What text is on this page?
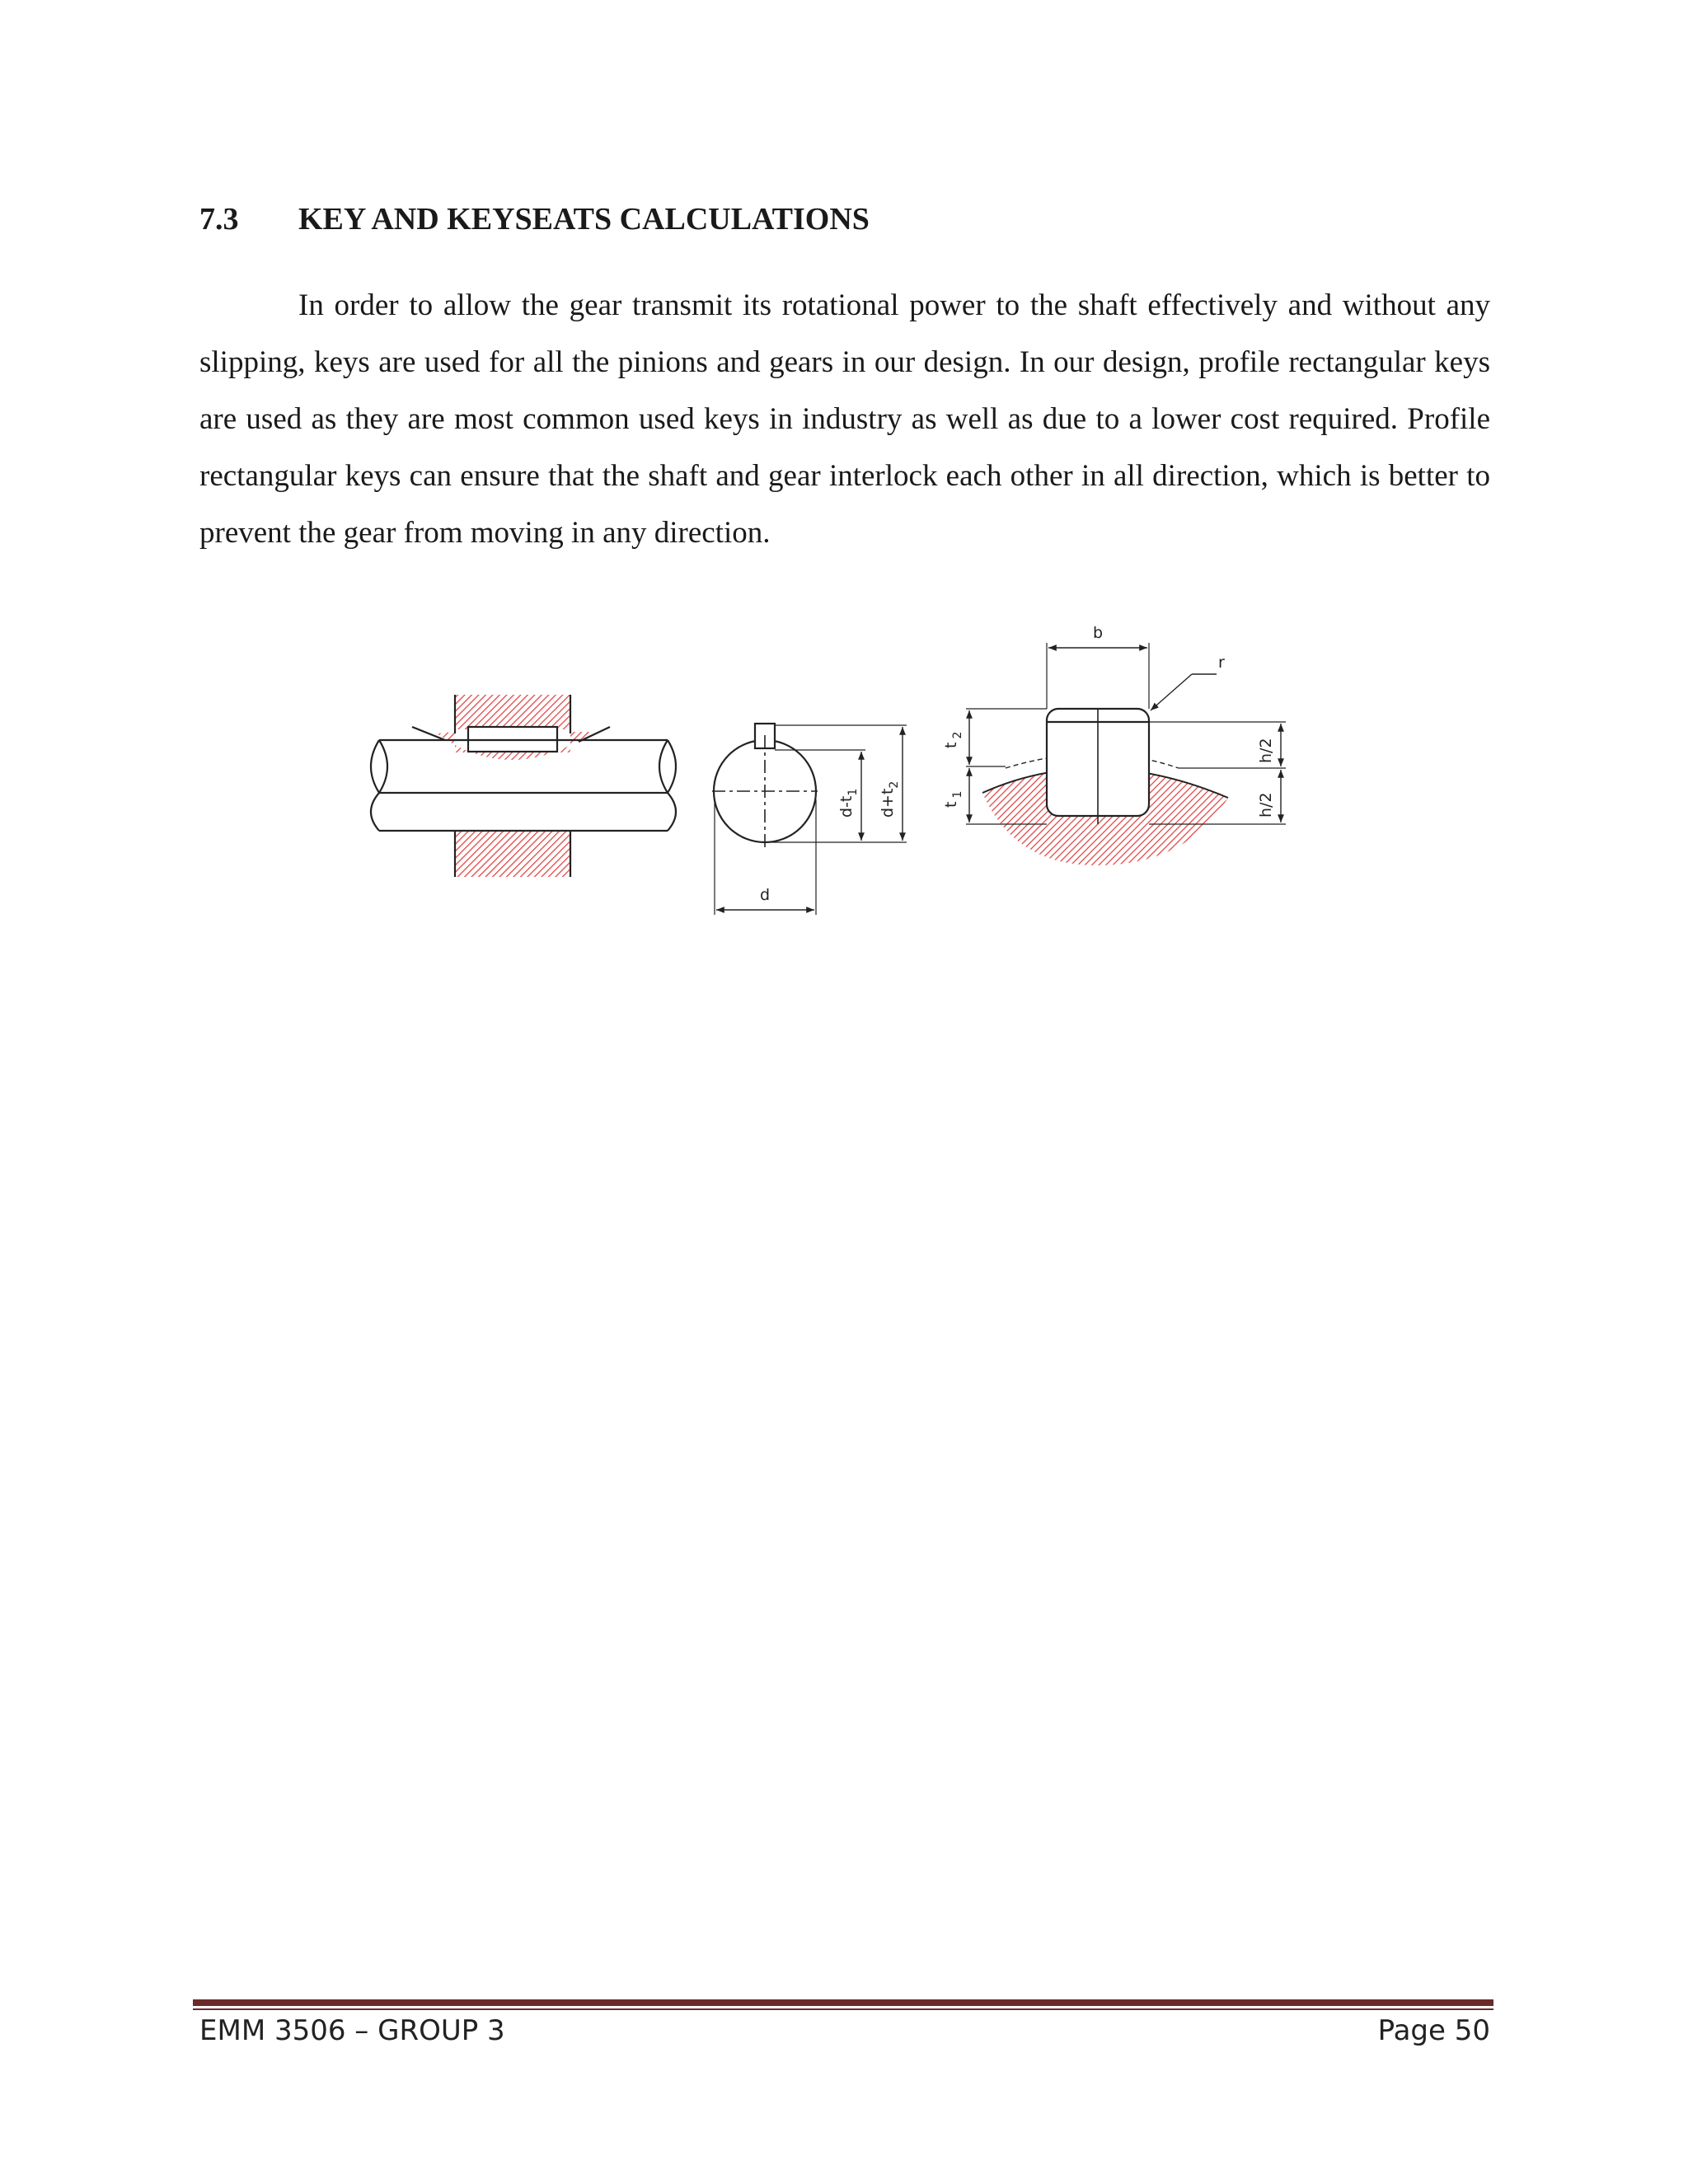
7.3 KEY AND KEYSEATS CALCULATIONS

In order to allow the gear transmit its rotational power to the shaft effectively and without any slipping, keys are used for all the pinions and gears in our design. In our design, profile rectangular keys are used as they are most common used keys in industry as well as due to a lower cost required. Profile rectangular keys can ensure that the shaft and gear interlock each other in all direction, which is better to prevent the gear from moving in any direction.

d
b
r
$d-t_1$ $d+t_2$
$t_2$
$t_1$
h/2
h/2
EMM 3506 – GROUP 3	Page 50
